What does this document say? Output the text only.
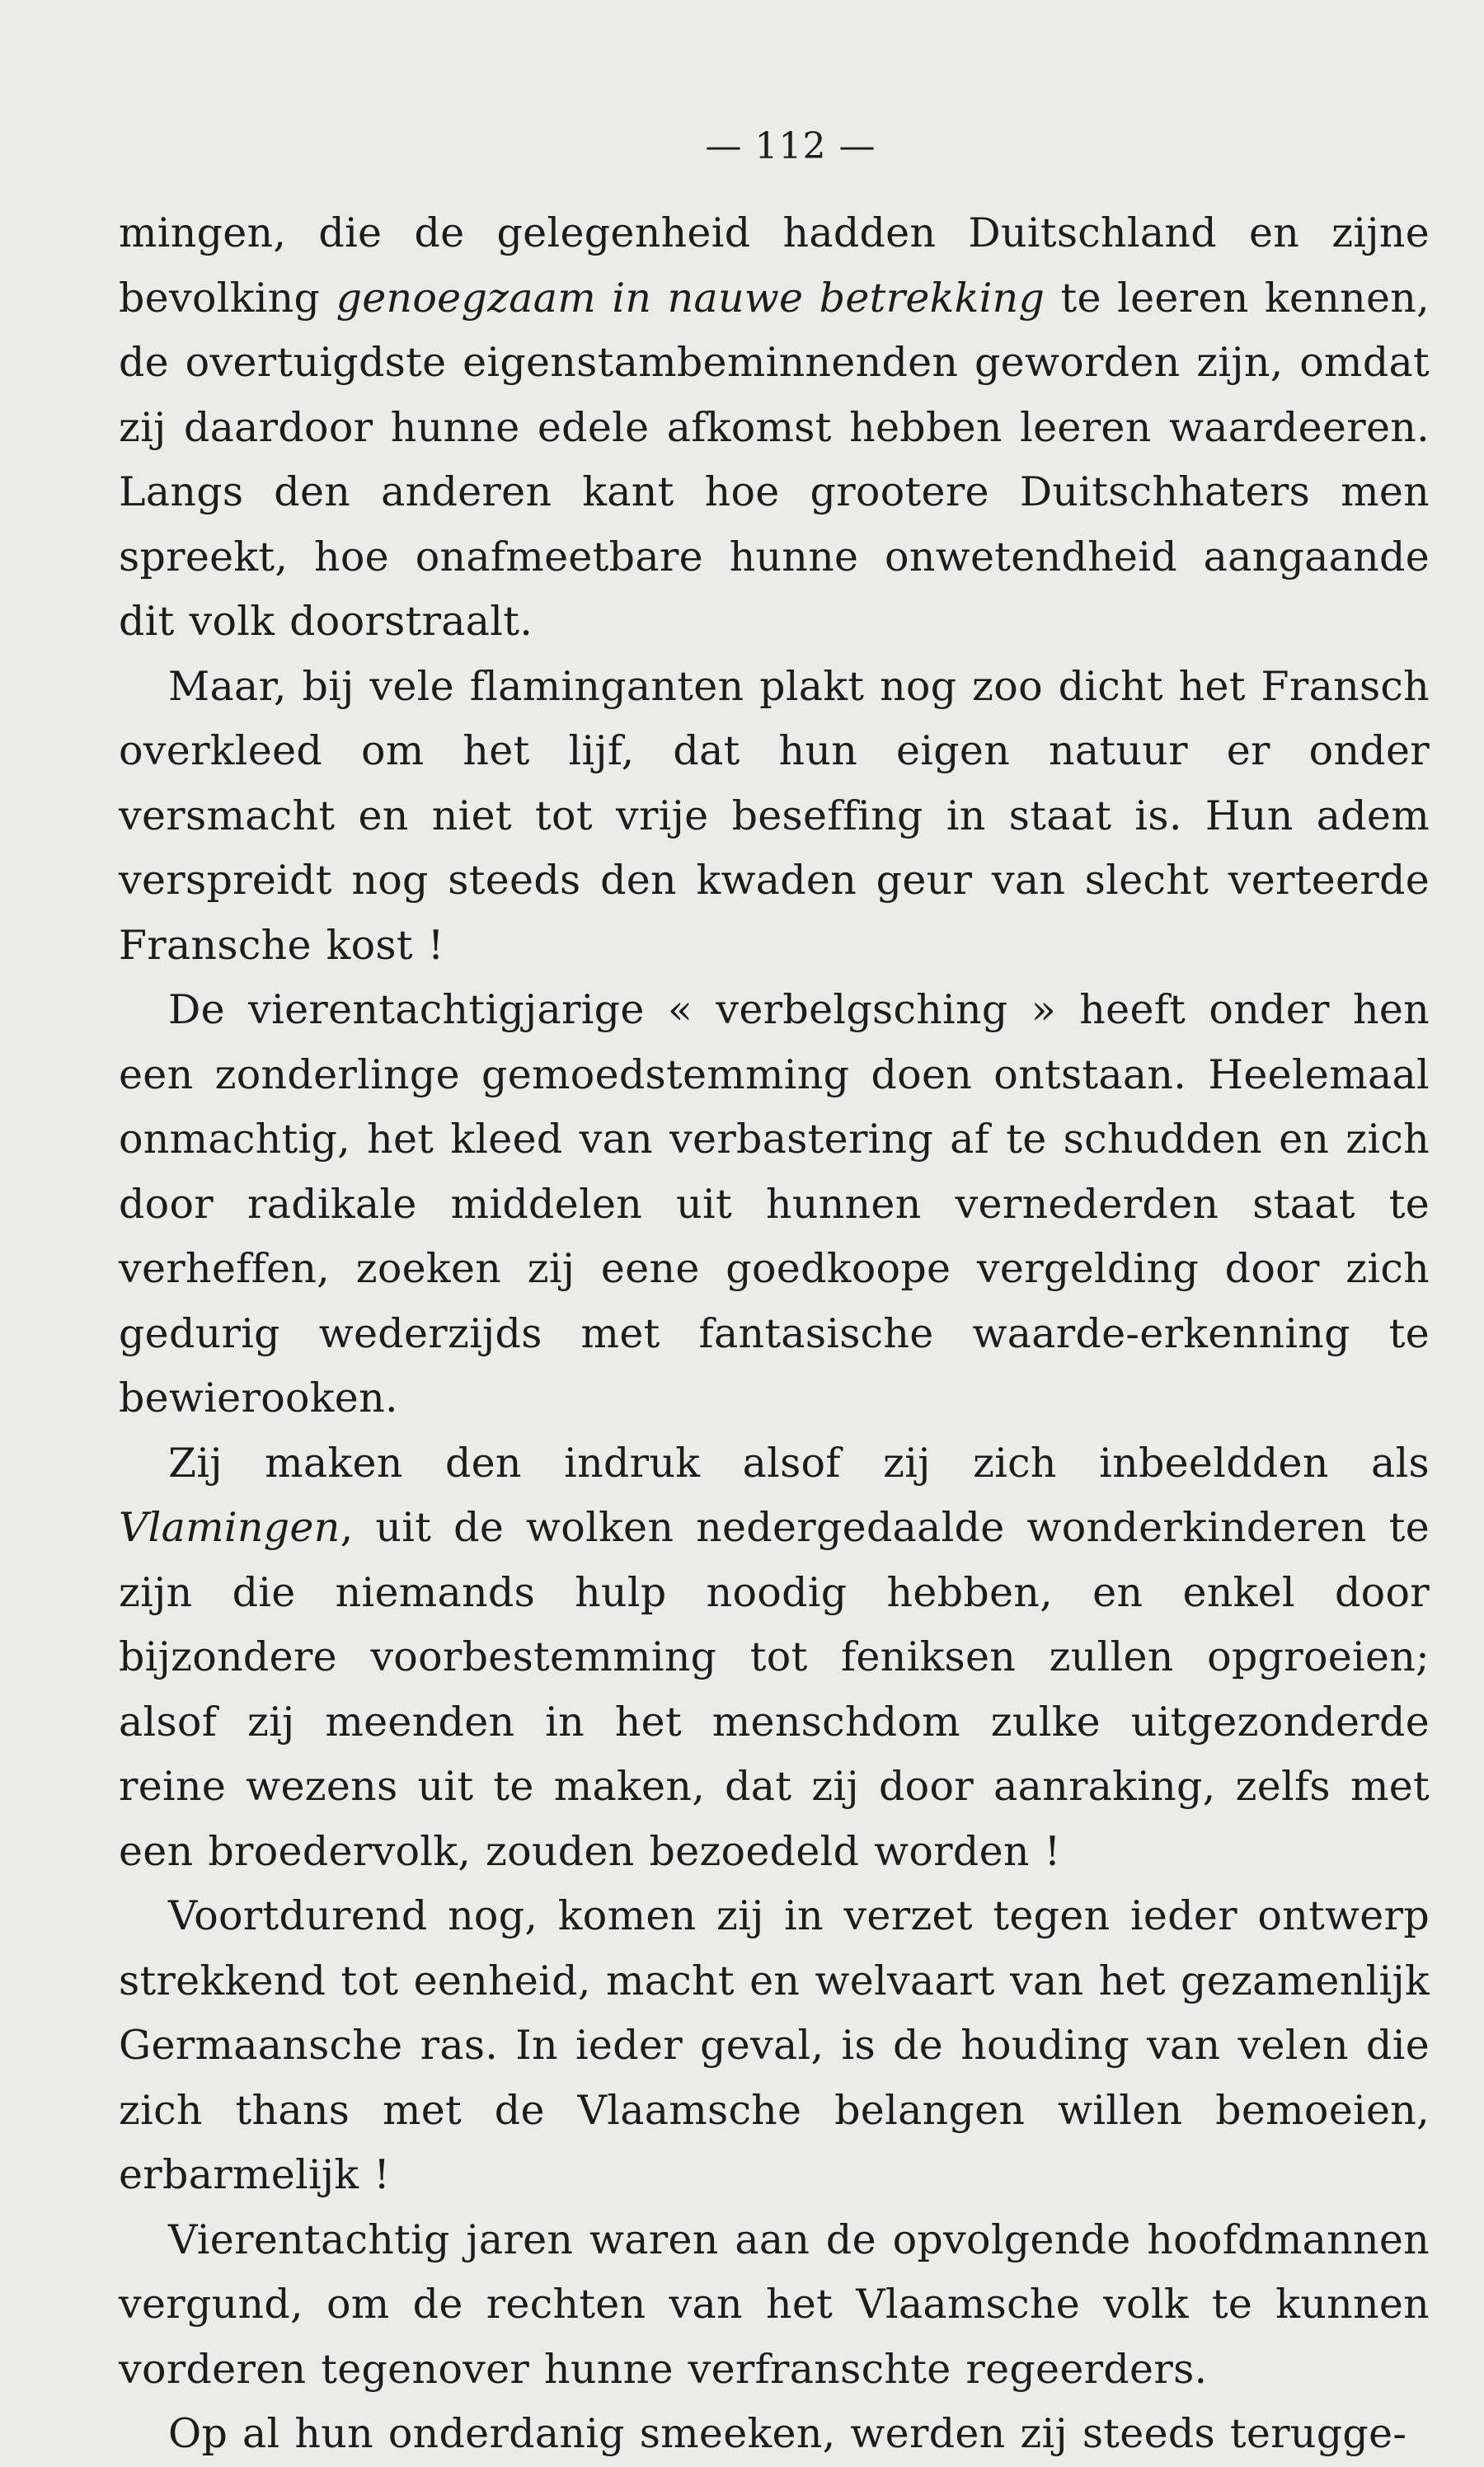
— 112 —

mingen, die de gelegenheid hadden Duitschland en zijne bevolking genoegzaam in nauwe betrekking te leeren kennen, de overtuigdste eigenstambeminnenden geworden zijn, omdat zij daardoor hunne edele afkomst hebben leeren waardeeren. Langs den anderen kant hoe grootere Duitschhaters men spreekt, hoe onafmeetbare hunne onwetendheid aangaande dit volk doorstraalt.

Maar, bij vele flaminganten plakt nog zoo dicht het Fransch overkleed om het lijf, dat hun eigen natuur er onder versmacht en niet tot vrije beseffing in staat is. Hun adem verspreidt nog steeds den kwaden geur van slecht verteerde Fransche kost !

De vierentachtigjarige « verbelgsching » heeft onder hen een zonderlinge gemoedstemming doen ontstaan. Heelemaal onmachtig, het kleed van verbastering af te schudden en zich door radikale middelen uit hunnen vernederden staat te verheffen, zoeken zij eene goedkoope vergelding door zich gedurig wederzijds met fantasische waarde-erkenning te bewierooken.

Zij maken den indruk alsof zij zich inbeeldden als Vlamingen, uit de wolken nedergedaalde wonderkinderen te zijn die niemands hulp noodig hebben, en enkel door bijzondere voorbestemming tot feniksen zullen opgroeien; alsof zij meenden in het menschdom zulke uitgezonderde reine wezens uit te maken, dat zij door aanraking, zelfs met een broedervolk, zouden bezoedeld worden !

Voortdurend nog, komen zij in verzet tegen ieder ontwerp strekkend tot eenheid, macht en welvaart van het gezamenlijk Germaansche ras. In ieder geval, is de houding van velen die zich thans met de Vlaamsche belangen willen bemoeien, erbarmelijk !

Vierentachtig jaren waren aan de opvolgende hoofdmannen vergund, om de rechten van het Vlaamsche volk te kunnen vorderen tegenover hunne verfranschte regeerders.

Op al hun onderdanig smeeken, werden zij steeds terugge-
